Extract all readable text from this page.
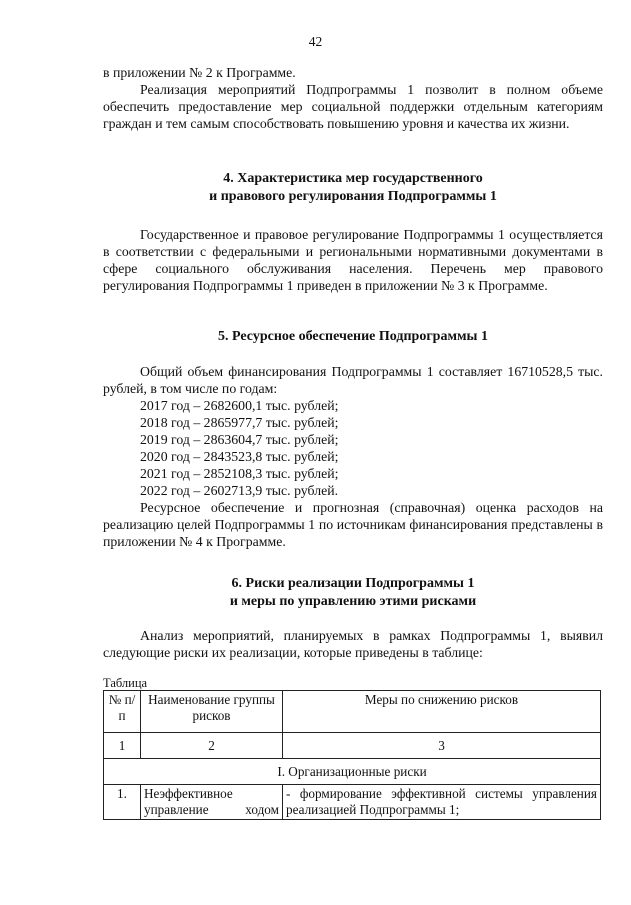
42

в приложении № 2 к Программе.

Реализация мероприятий Подпрограммы 1 позволит в полном объеме обеспечить предоставление мер социальной поддержки отдельным категориям граждан и тем самым способствовать повышению уровня и качества их жизни.

4. Характеристика мер государственного
и правового регулирования Подпрограммы 1

Государственное и правовое регулирование Подпрограммы 1 осуществляется в соответствии с федеральными и региональными нормативными документами в сфере социального обслуживания населения. Перечень мер правового регулирования Подпрограммы 1 приведен в приложении № 3 к Программе.

5. Ресурсное обеспечение Подпрограммы 1

Общий объем финансирования Подпрограммы 1 составляет 16710528,5 тыс. рублей, в том числе по годам:

2017 год – 2682600,1 тыс. рублей;
2018 год – 2865977,7 тыс. рублей;
2019 год – 2863604,7 тыс. рублей;
2020 год – 2843523,8 тыс. рублей;
2021 год – 2852108,3 тыс. рублей;
2022 год – 2602713,9 тыс. рублей.

Ресурсное обеспечение и прогнозная (справочная) оценка расходов на реализацию целей Подпрограммы 1 по источникам финансирования представлены в приложении № 4 к Программе.

6. Риски реализации Подпрограммы 1
и меры по управлению этими рисками

Анализ мероприятий, планируемых в рамках Подпрограммы 1, выявил следующие риски их реализации, которые приведены в таблице:

Таблица
№ п/п	Наименование группы рисков	Меры по снижению рисков
1	2	3
I. Организационные риски		
1.	Неэффективное управление ходом	- формирование эффективной системы управления реализацией Подпрограммы 1;
